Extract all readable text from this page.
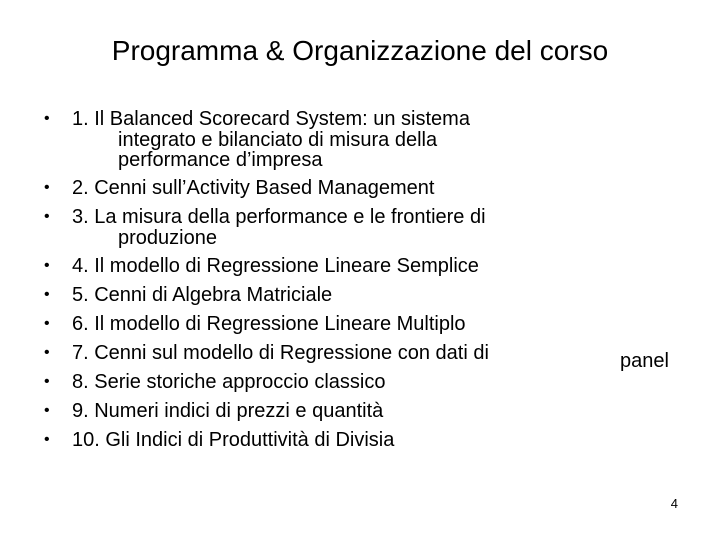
Programma & Organizzazione del corso
• 1. Il Balanced Scorecard System: un sistema
integrato e bilanciato di misura della
performance d’impresa
• 2. Cenni sull’Activity Based Management
• 3. La misura della performance e le frontiere di
produzione
• 4. Il modello di Regressione Lineare Semplice
• 5. Cenni di Algebra Matriciale
• 6. Il modello di Regressione Lineare Multiplo
• 7. Cenni sul modello di Regressione con dati di
• 8. Serie storiche approccio classico
• 9. Numeri indici di prezzi e quantità
• 10. Gli Indici di Produttività di Divisia
panel
4
